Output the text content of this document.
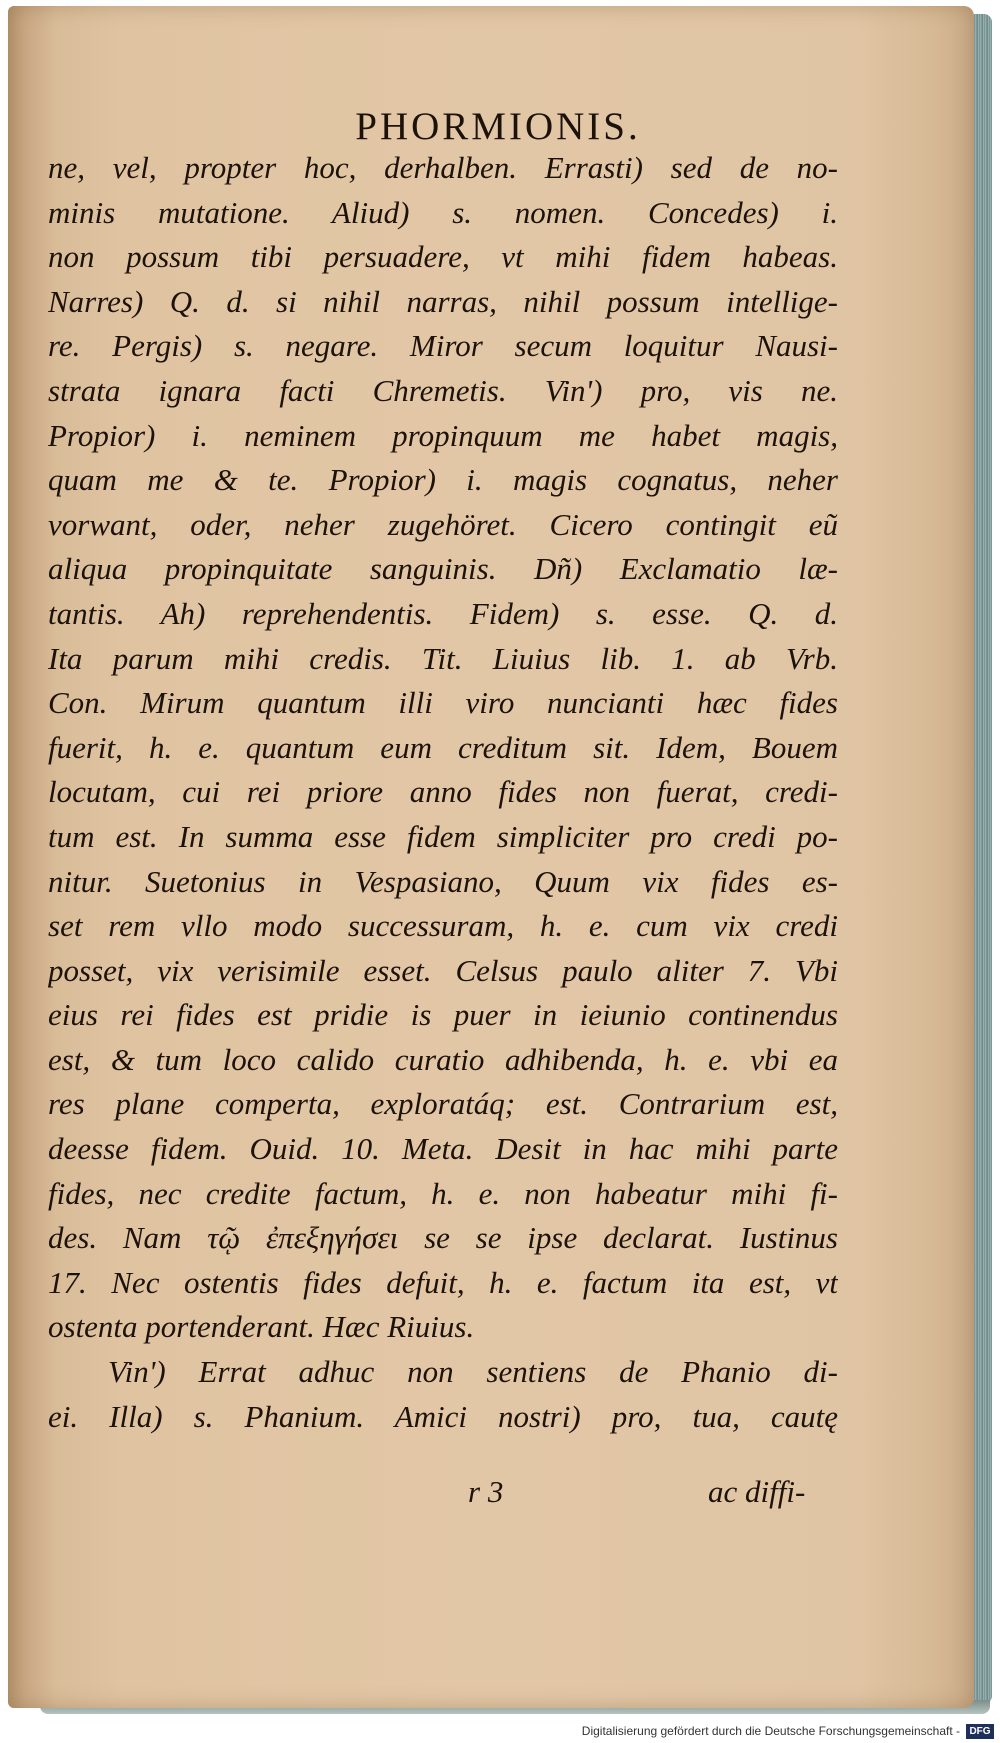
PHORMIONIS.
ne, vel, propter hoc, derhalben. Errasti) sed de no-
minis mutatione. Aliud) s. nomen. Concedes) i.
non possum tibi persuadere, vt mihi fidem habeas.
Narres) Q. d. si nihil narras, nihil possum intellige-
re. Pergis) s. negare. Miror secum loquitur Nausi-
strata ignara facti Chremetis. Vin') pro, vis ne.
Propior) i. neminem propinquum me habet magis,
quam me & te. Propior) i. magis cognatus, neher
vorwant, oder, neher zugehöret. Cicero contingit eũ
aliqua propinquitate sanguinis. Dñ) Exclamatio læ-
tantis. Ah) reprehendentis. Fidem) s. esse. Q. d.
Ita parum mihi credis. Tit. Liuius lib. 1. ab Vrb.
Con. Mirum quantum illi viro nuncianti hæc fides
fuerit, h. e. quantum eum creditum sit. Idem, Bouem
locutam, cui rei priore anno fides non fuerat, credi-
tum est. In summa esse fidem simpliciter pro credi po-
nitur. Suetonius in Vespasiano, Quum vix fides es-
set rem vllo modo successuram, h. e. cum vix credi
posset, vix verisimile esset. Celsus paulo aliter 7. Vbi
eius rei fides est pridie is puer in ieiunio continendus
est, & tum loco calido curatio adhibenda, h. e. vbi ea
res plane comperta, exploratáq; est. Contrarium est,
deesse fidem. Ouid. 10. Meta. Desit in hac mihi parte
fides, nec credite factum, h. e. non habeatur mihi fi-
des. Nam τῷ ἐπεξηγήσει se se ipse declarat. Iustinus
17. Nec ostentis fides defuit, h. e. factum ita est, vt
ostenta portenderant. Hæc Riuius.
Vin') Errat adhuc non sentiens de Phanio di-
ei. Illa) s. Phanium. Amici nostri) pro, tua, cautę
r 3	ac diffi-
Digitalisierung gefördert durch die Deutsche Forschungsgemeinschaft - DFG
